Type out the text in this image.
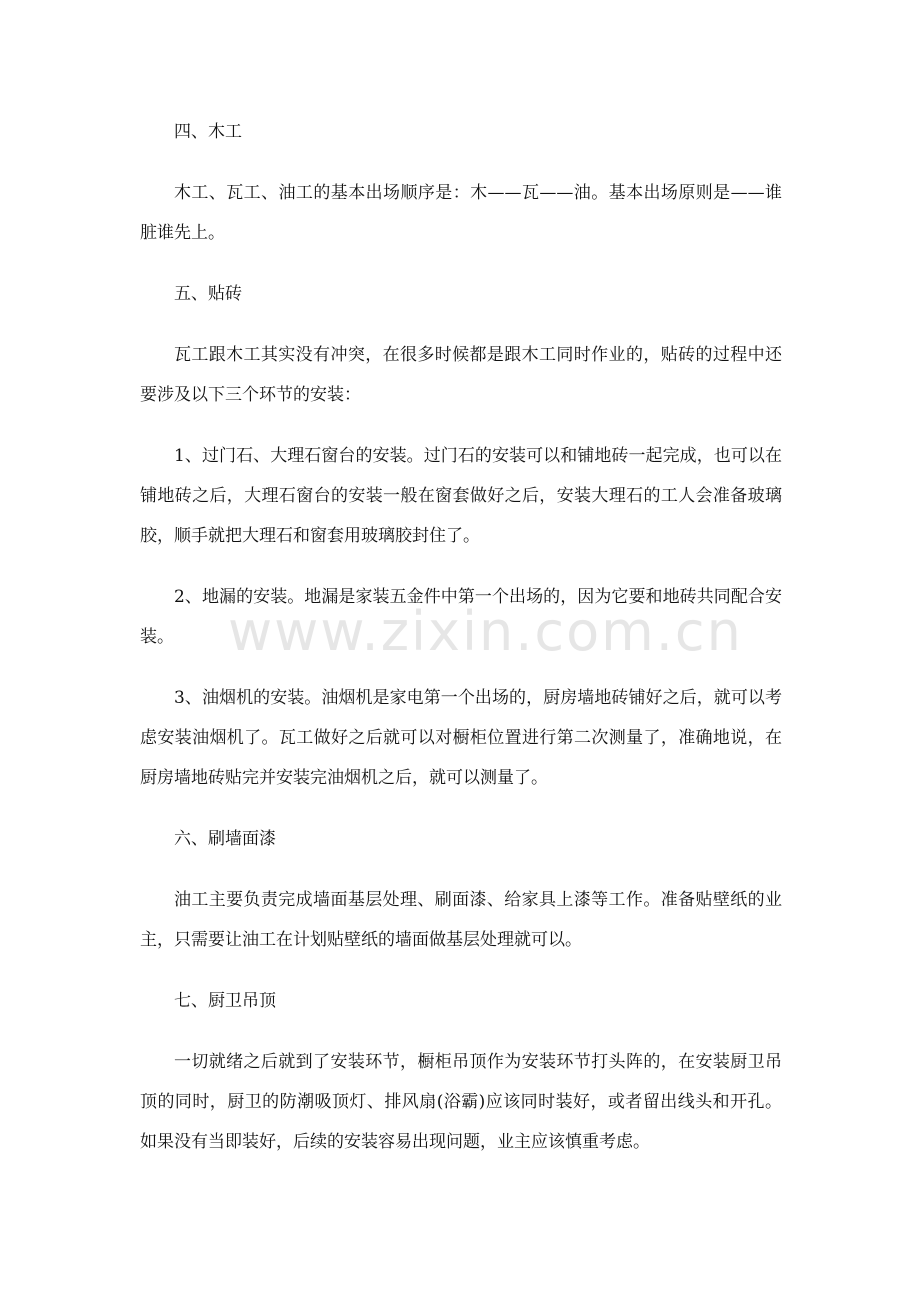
www.zixin.com.cn

四、木工

木工、瓦工、油工的基本出场顺序是：木——瓦——油。基本出场原则是——谁脏谁先上。

五、贴砖

瓦工跟木工其实没有冲突，在很多时候都是跟木工同时作业的，贴砖的过程中还要涉及以下三个环节的安装：

1、过门石、大理石窗台的安装。过门石的安装可以和铺地砖一起完成，也可以在铺地砖之后，大理石窗台的安装一般在窗套做好之后，安装大理石的工人会准备玻璃胶，顺手就把大理石和窗套用玻璃胶封住了。

2、地漏的安装。地漏是家装五金件中第一个出场的，因为它要和地砖共同配合安装。

3、油烟机的安装。油烟机是家电第一个出场的，厨房墙地砖铺好之后，就可以考虑安装油烟机了。瓦工做好之后就可以对橱柜位置进行第二次测量了，准确地说，在厨房墙地砖贴完并安装完油烟机之后，就可以测量了。

六、刷墙面漆

油工主要负责完成墙面基层处理、刷面漆、给家具上漆等工作。准备贴壁纸的业主，只需要让油工在计划贴壁纸的墙面做基层处理就可以。

七、厨卫吊顶

一切就绪之后就到了安装环节，橱柜吊顶作为安装环节打头阵的，在安装厨卫吊顶的同时，厨卫的防潮吸顶灯、排风扇(浴霸)应该同时装好，或者留出线头和开孔。如果没有当即装好，后续的安装容易出现问题，业主应该慎重考虑。
